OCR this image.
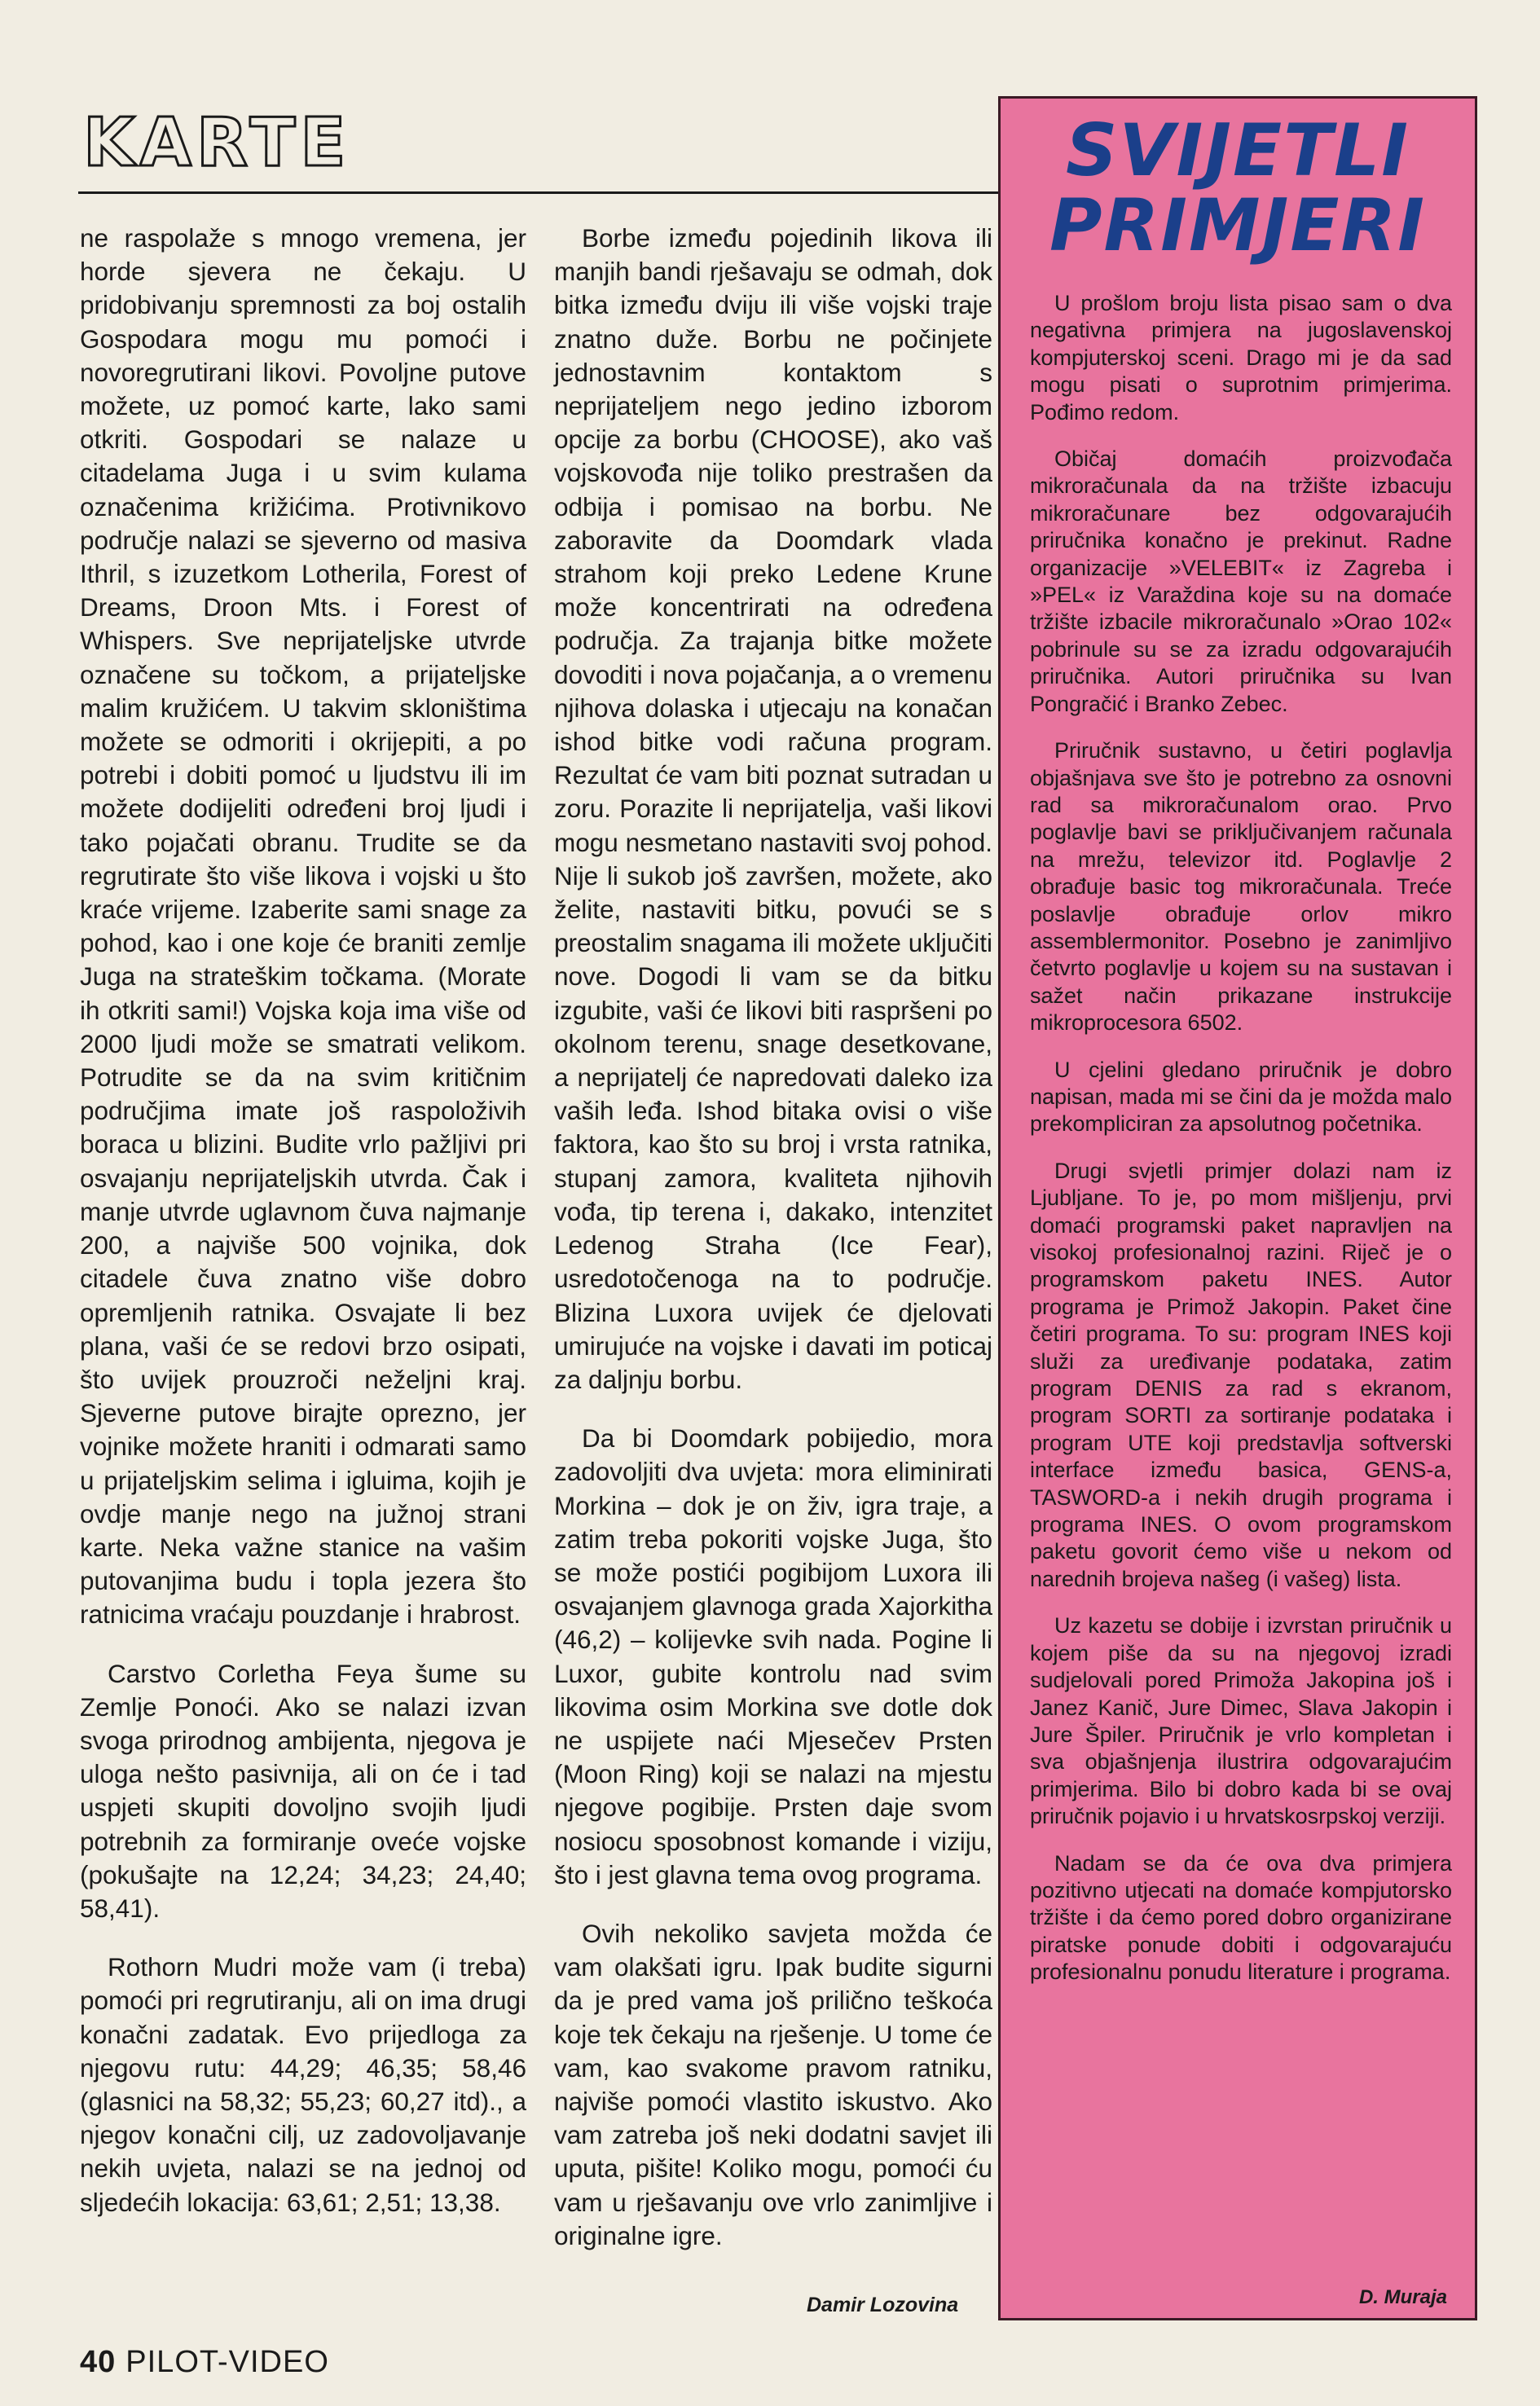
KARTE

ne raspolaže s mnogo vremena, jer horde sjevera ne čekaju. U pridobivanju spremnosti za boj ostalih Gospodara mogu mu pomoći i novoregrutirani likovi. Povoljne putove možete, uz pomoć karte, lako sami otkriti. Gospodari se nalaze u citadelama Juga i u svim kulama označenima križićima. Protivnikovo područje nalazi se sjeverno od masiva Ithril, s izuzetkom Lotherila, Forest of Dreams, Droon Mts. i Forest of Whispers. Sve neprijateljske utvrde označene su točkom, a prijateljske malim kružićem. U takvim skloništima možete se odmoriti i okrijepiti, a po potrebi i dobiti pomoć u ljudstvu ili im možete dodijeliti određeni broj ljudi i tako pojačati obranu. Trudite se da regrutirate što više likova i vojski u što kraće vrijeme. Izaberite sami snage za pohod, kao i one koje će braniti zemlje Juga na strateškim točkama. (Morate ih otkriti sami!) Vojska koja ima više od 2000 ljudi može se smatrati velikom. Potrudite se da na svim kritičnim područjima imate još raspoloživih boraca u blizini. Budite vrlo pažljivi pri osvajanju neprijateljskih utvrda. Čak i manje utvrde uglavnom čuva najmanje 200, a najviše 500 vojnika, dok citadele čuva znatno više dobro opremljenih ratnika. Osvajate li bez plana, vaši će se redovi brzo osipati, što uvijek prouzroči neželjni kraj. Sjeverne putove birajte oprezno, jer vojnike možete hraniti i odmarati samo u prijateljskim selima i igluima, kojih je ovdje manje nego na južnoj strani karte. Neka važne stanice na vašim putovanjima budu i topla jezera što ratnicima vraćaju pouzdanje i hrabrost.

Carstvo Corletha Feya šume su Zemlje Ponoći. Ako se nalazi izvan svoga prirodnog ambijenta, njegova je uloga nešto pasivnija, ali on će i tad uspjeti skupiti dovoljno svojih ljudi potrebnih za formiranje oveće vojske (pokušajte na 12,24; 34,23; 24,40; 58,41).

Rothorn Mudri može vam (i treba) pomoći pri regrutiranju, ali on ima drugi konačni zadatak. Evo prijedloga za njegovu rutu: 44,29; 46,35; 58,46 (glasnici na 58,32; 55,23; 60,27 itd)., a njegov konačni cilj, uz zadovoljavanje nekih uvjeta, nalazi se na jednoj od sljedećih lokacija: 63,61; 2,51; 13,38.

Borbe između pojedinih likova ili manjih bandi rješavaju se odmah, dok bitka između dviju ili više vojski traje znatno duže. Borbu ne počinjete jednostavnim kontaktom s neprijateljem nego jedino izborom opcije za borbu (CHOOSE), ako vaš vojskovođa nije toliko prestrašen da odbija i pomisao na borbu. Ne zaboravite da Doomdark vlada strahom koji preko Ledene Krune može koncentrirati na određena područja. Za trajanja bitke možete dovoditi i nova pojačanja, a o vremenu njihova dolaska i utjecaju na konačan ishod bitke vodi računa program. Rezultat će vam biti poznat sutradan u zoru. Porazite li neprijatelja, vaši likovi mogu nesmetano nastaviti svoj pohod. Nije li sukob još završen, možete, ako želite, nastaviti bitku, povući se s preostalim snagama ili možete uključiti nove. Dogodi li vam se da bitku izgubite, vaši će likovi biti raspršeni po okolnom terenu, snage desetkovane, a neprijatelj će napredovati daleko iza vaših leđa. Ishod bitaka ovisi o više faktora, kao što su broj i vrsta ratnika, stupanj zamora, kvaliteta njihovih vođa, tip terena i, dakako, intenzitet Ledenog Straha (Ice Fear), usredotočenoga na to područje. Blizina Luxora uvijek će djelovati umirujuće na vojske i davati im poticaj za daljnju borbu.

Da bi Doomdark pobijedio, mora zadovoljiti dva uvjeta: mora eliminirati Morkina – dok je on živ, igra traje, a zatim treba pokoriti vojske Juga, što se može postići pogibijom Luxora ili osvajanjem glavnoga grada Xajorkitha (46,2) – kolijevke svih nada. Pogine li Luxor, gubite kontrolu nad svim likovima osim Morkina sve dotle dok ne uspijete naći Mjesečev Prsten (Moon Ring) koji se nalazi na mjestu njegove pogibije. Prsten daje svom nosiocu sposobnost komande i viziju, što i jest glavna tema ovog programa.

Ovih nekoliko savjeta možda će vam olakšati igru. Ipak budite sigurni da je pred vama još prilično teškoća koje tek čekaju na rješenje. U tome će vam, kao svakome pravom ratniku, najviše pomoći vlastito iskustvo. Ako vam zatreba još neki dodatni savjet ili uputa, pišite! Koliko mogu, pomoći ću vam u rješavanju ove vrlo zanimljive i originalne igre.

Damir Lozovina
SVIJETLI
PRIMJERI

U prošlom broju lista pisao sam o dva negativna primjera na jugoslavenskoj kompjuterskoj sceni. Drago mi je da sad mogu pisati o suprotnim primjerima. Pođimo redom.

Običaj domaćih proizvođača mikroračunala da na tržište izbacuju mikroračunare bez odgovarajućih priručnika konačno je prekinut. Radne organizacije »VELEBIT« iz Zagreba i »PEL« iz Varaždina koje su na domaće tržište izbacile mikroračunalo »Orao 102« pobrinule su se za izradu odgovarajućih priručnika. Autori priručnika su Ivan Pongračić i Branko Zebec.

Priručnik sustavno, u četiri poglavlja objašnjava sve što je potrebno za osnovni rad sa mikroračunalom orao. Prvo poglavlje bavi se priključivanjem računala na mrežu, televizor itd. Poglavlje 2 obrađuje basic tog mikroračunala. Treće poslavlje obrađuje orlov mikro assemblermonitor. Posebno je zanimljivo četvrto poglavlje u kojem su na sustavan i sažet način prikazane instrukcije mikroprocesora 6502.

U cjelini gledano priručnik je dobro napisan, mada mi se čini da je možda malo prekompliciran za apsolutnog početnika.

Drugi svjetli primjer dolazi nam iz Ljubljane. To je, po mom mišljenju, prvi domaći programski paket napravljen na visokoj profesionalnoj razini. Riječ je o programskom paketu INES. Autor programa je Primož Jakopin. Paket čine četiri programa. To su: program INES koji služi za uređivanje podataka, zatim program DENIS za rad s ekranom, program SORTI za sortiranje podataka i program UTE koji predstavlja softverski interface između basica, GENS-a, TASWORD-a i nekih drugih programa i programa INES. O ovom programskom paketu govorit ćemo više u nekom od narednih brojeva našeg (i vašeg) lista.

Uz kazetu se dobije i izvrstan priručnik u kojem piše da su na njegovoj izradi sudjelovali pored Primoža Jakopina još i Janez Kanič, Jure Dimec, Slava Jakopin i Jure Špiler. Priručnik je vrlo kompletan i sva objašnjenja ilustrira odgovarajućim primjerima. Bilo bi dobro kada bi se ovaj priručnik pojavio i u hrvatskosrpskoj verziji.

Nadam se da će ova dva primjera pozitivno utjecati na domaće kompjutorsko tržište i da ćemo pored dobro organizirane piratske ponude dobiti i odgovarajuću profesionalnu ponudu literature i programa.

D. Muraja
40 PILOT-VIDEO
